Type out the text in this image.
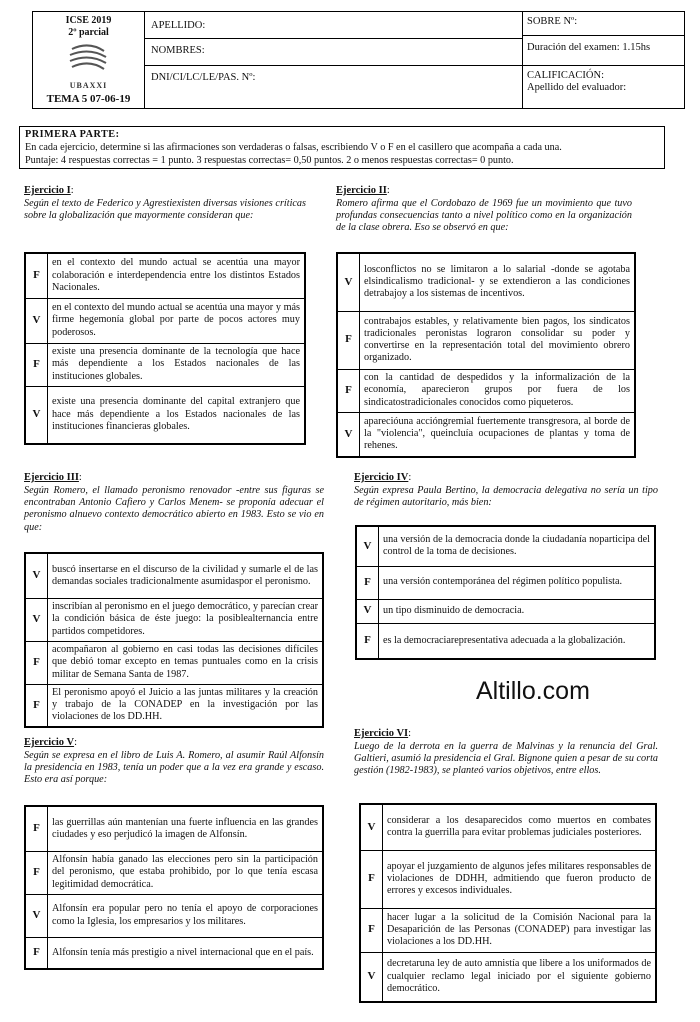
ICSE 2019
2º parcial
UBAXXI
TEMA 5 07-06-19
APELLIDO:
NOMBRES:
DNI/CI/LC/LE/PAS. Nº:
SOBRE Nº:
Duración del examen: 1.15hs
CALIFICACIÓN:
Apellido del evaluador:
PRIMERA PARTE:
En cada ejercicio, determine si las afirmaciones son verdaderas o falsas, escribiendo V o F en el casillero que acompaña a cada una.
Puntaje: 4 respuestas correctas = 1 punto. 3 respuestas correctas= 0,50 puntos. 2 o menos respuestas correctas= 0 punto.
Ejercicio I:
Según el texto de Federico y Agrestiexisten diversas visiones críticas sobre la globalización que mayormente consideran que:
F	en el contexto del mundo actual se acentúa una mayor colaboración e interdependencia entre los distintos Estados Nacionales.
V	en el contexto del mundo actual se acentúa una mayor y más firme hegemonía global por parte de pocos actores muy poderosos.
F	existe una presencia dominante de la tecnología que hace más dependiente a los Estados nacionales de las instituciones globales.
V	existe una presencia dominante del capital extranjero que hace más dependiente a los Estados nacionales de las instituciones financieras globales.
Ejercicio II:
Romero afirma que el Cordobazo de 1969 fue un movimiento que tuvo profundas consecuencias tanto a nivel político como en la organización de la clase obrera. Eso se observó en que:
V	losconflictos no se limitaron a lo salarial -donde se agotaba elsindicalismo tradicional- y se extendieron a las condiciones detrabajoy a los sistemas de incentivos.
F	contrabajos estables, y relativamente bien pagos, los sindicatos tradicionales peronistas lograron consolidar su poder y convertirse en la representación total del movimiento obrero organizado.
F	con la cantidad de despedidos y la informalización de la economía, aparecieron grupos por fuera de los sindicatostradicionales conocidos como piqueteros.
V	aparecióuna accióngremial fuertemente transgresora, al borde de la "violencia", queincluía ocupaciones de plantas y toma de rehenes.
Ejercicio III:
Según Romero, el llamado peronismo renovador -entre sus figuras se encontraban Antonio Cafiero y Carlos Menem- se proponía adecuar el peronismo alnuevo contexto democrático abierto en 1983. Esto se vio en que:
V	buscó insertarse en el discurso de la civilidad y sumarle el de las demandas sociales tradicionalmente asumidaspor el peronismo.
V	inscribían al peronismo en el juego democrático, y parecían crear la condición básica de éste juego: la posiblealternancia entre partidos competidores.
F	acompañaron al gobierno en casi todas las decisiones difíciles que debió tomar excepto en temas puntuales como en la crisis militar de Semana Santa de 1987.
F	El peronismo apoyó el Juicio a las juntas militares y la creación y trabajo de la CONADEP en la investigación por las violaciones de los DD.HH.
Ejercicio IV:
Según expresa Paula Bertino, la democracia delegativa no sería un tipo de régimen autoritario, más bien:
V	una versión de la democracia donde la ciudadanía noparticipa del control de la toma de decisiones.
F	una versión contemporánea del régimen político populista.
V	un tipo disminuido de democracia.
F	es la democraciarepresentativa adecuada a la globalización.
Altillo.com
Ejercicio V:
Según se expresa en el libro de Luis A. Romero, al asumir Raúl Alfonsín la presidencia en 1983, tenía un poder que a la vez era grande y escaso. Esto era así porque:
F	las guerrillas aún mantenían una fuerte influencia en las grandes ciudades y eso perjudicó la imagen de Alfonsín.
F	Alfonsín había ganado las elecciones pero sin la participación del peronismo, que estaba prohibido, por lo que tenía escasa legitimidad democrática.
V	Alfonsín era popular pero no tenía el apoyo de corporaciones como la Iglesia, los empresarios y los militares.
F	Alfonsín tenía más prestigio a nivel internacional que en el país.
Ejercicio VI:
Luego de la derrota en la guerra de Malvinas y la renuncia del Gral. Galtieri, asumió la presidencia el Gral. Bignone quien a pesar de su corta gestión (1982-1983), se planteó varios objetivos, entre ellos.
V	considerar a los desaparecidos como muertos en combates contra la guerrilla para evitar problemas judiciales posteriores.
F	apoyar el juzgamiento de algunos jefes militares responsables de violaciones de DDHH, admitiendo que fueron producto de errores y excesos individuales.
F	hacer lugar a la solicitud de la Comisión Nacional para la Desaparición de las Personas (CONADEP) para investigar las violaciones a los DD.HH.
V	decretaruna ley de auto amnistía que libere a los uniformados de cualquier reclamo legal iniciado por el siguiente gobierno democrático.
